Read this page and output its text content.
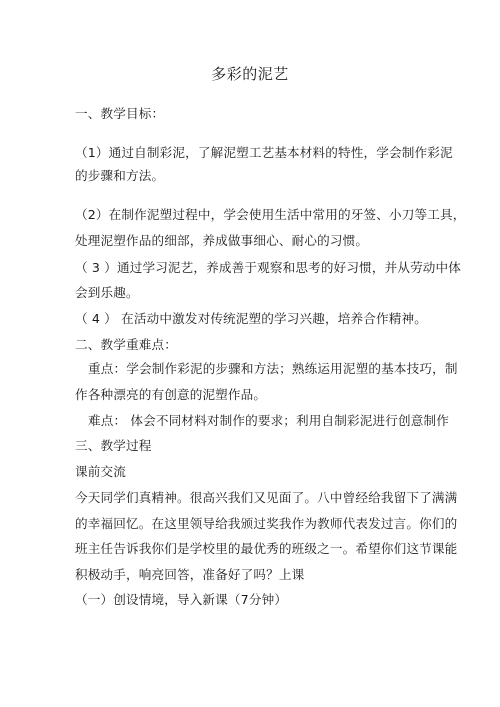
多彩的泥艺
一、教学目标：
（1）通过自制彩泥，了解泥塑工艺基本材料的特性，学会制作彩泥
的步骤和方法。
（2）在制作泥塑过程中，学会使用生活中常用的牙签、小刀等工具，
处理泥塑作品的细部，养成做事细心、耐心的习惯。
（ 3 ）通过学习泥艺，养成善于观察和思考的好习惯，并从劳动中体
会到乐趣。
（ 4 ） 在活动中激发对传统泥塑的学习兴趣，培养合作精神。
二、教学重难点：
重点：学会制作彩泥的步骤和方法；熟练运用泥塑的基本技巧，制
作各种漂亮的有创意的泥塑作品。
难点： 体会不同材料对制作的要求；利用自制彩泥进行创意制作
三、教学过程
课前交流
今天同学们真精神。很高兴我们又见面了。八中曾经给我留下了满满
的幸福回忆。在这里领导给我颁过奖我作为教师代表发过言。你们的
班主任告诉我你们是学校里的最优秀的班级之一。希望你们这节课能
积极动手，响亮回答，准备好了吗？上课
（一）创设情境，导入新课（7分钟）
